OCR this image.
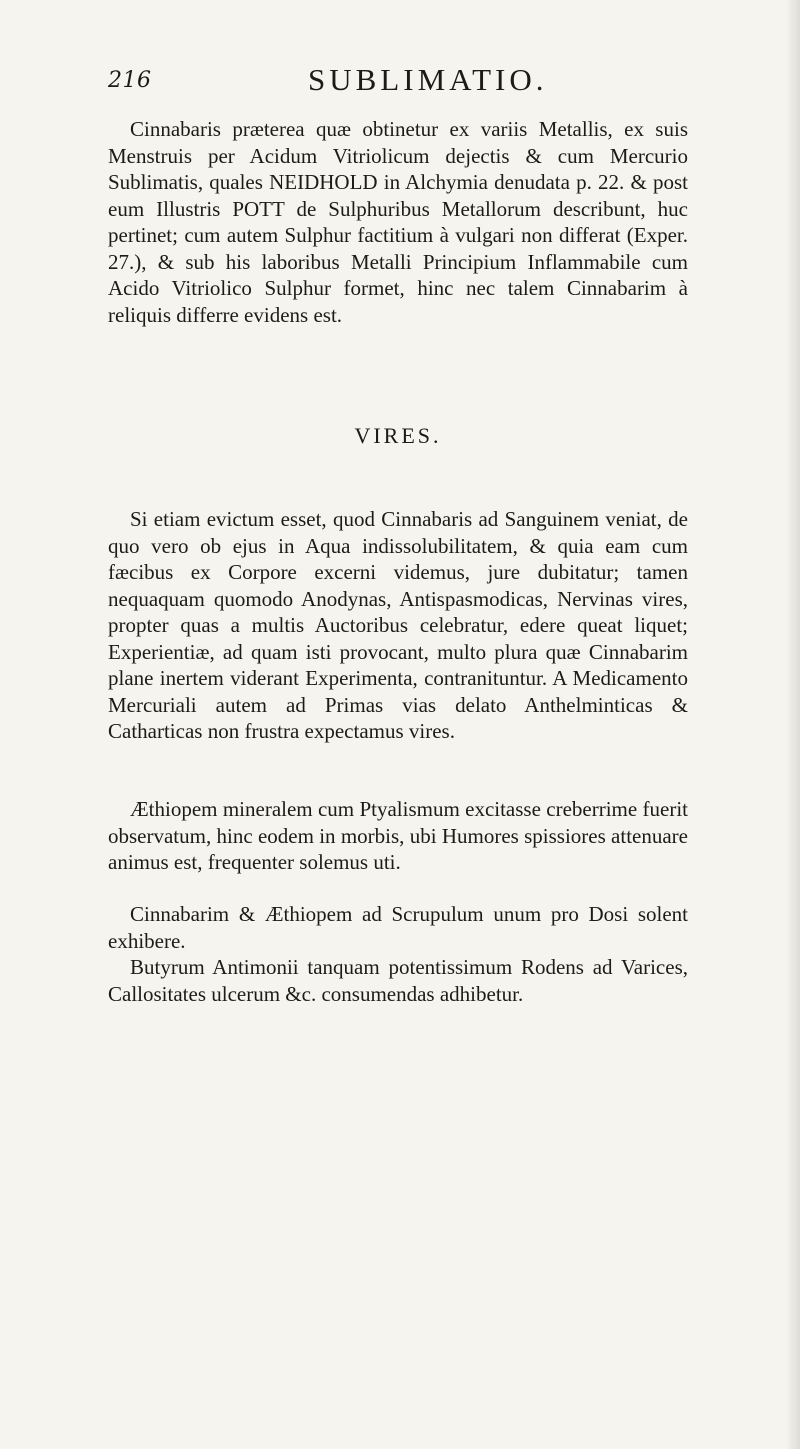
216	SUBLIMATIO.

Cinnabaris præterea quæ obtinetur ex variis Metallis, ex suis Menstruis per Acidum Vitriolicum dejectis & cum Mercurio Sublimatis, quales NEIDHOLD in Alchymia denudata p. 22. & post eum Illustris POTT de Sulphuribus Metallorum describunt, huc pertinet; cum autem Sulphur factitium à vulgari non differat (Exper. 27.), & sub his laboribus Metalli Principium Inflammabile cum Acido Vitriolico Sulphur formet, hinc nec talem Cinnabarim à reliquis differre evidens est.

VIRES.

Si etiam evictum esset, quod Cinnabaris ad Sanguinem veniat, de quo vero ob ejus in Aqua indissolubilitatem, & quia eam cum fæcibus ex Corpore excerni videmus, jure dubitatur; tamen nequaquam quomodo Anodynas, Antispasmodicas, Nervinas vires, propter quas a multis Auctoribus celebratur, edere queat liquet; Experientiæ, ad quam isti provocant, multo plura quæ Cinnabarim plane inertem viderant Experimenta, contranituntur. A Medicamento Mercuriali autem ad Primas vias delato Anthelminticas & Catharticas non frustra expectamus vires.

Æthiopem mineralem cum Ptyalismum excitasse creberrime fuerit observatum, hinc eodem in morbis, ubi Humores spissiores attenuare animus est, frequenter solemus uti.

Cinnabarim & Æthiopem ad Scrupulum unum pro Dosi solent exhibere.

Butyrum Antimonii tanquam potentissimum Rodens ad Varices, Callositates ulcerum &c. consumendas adhibetur.
